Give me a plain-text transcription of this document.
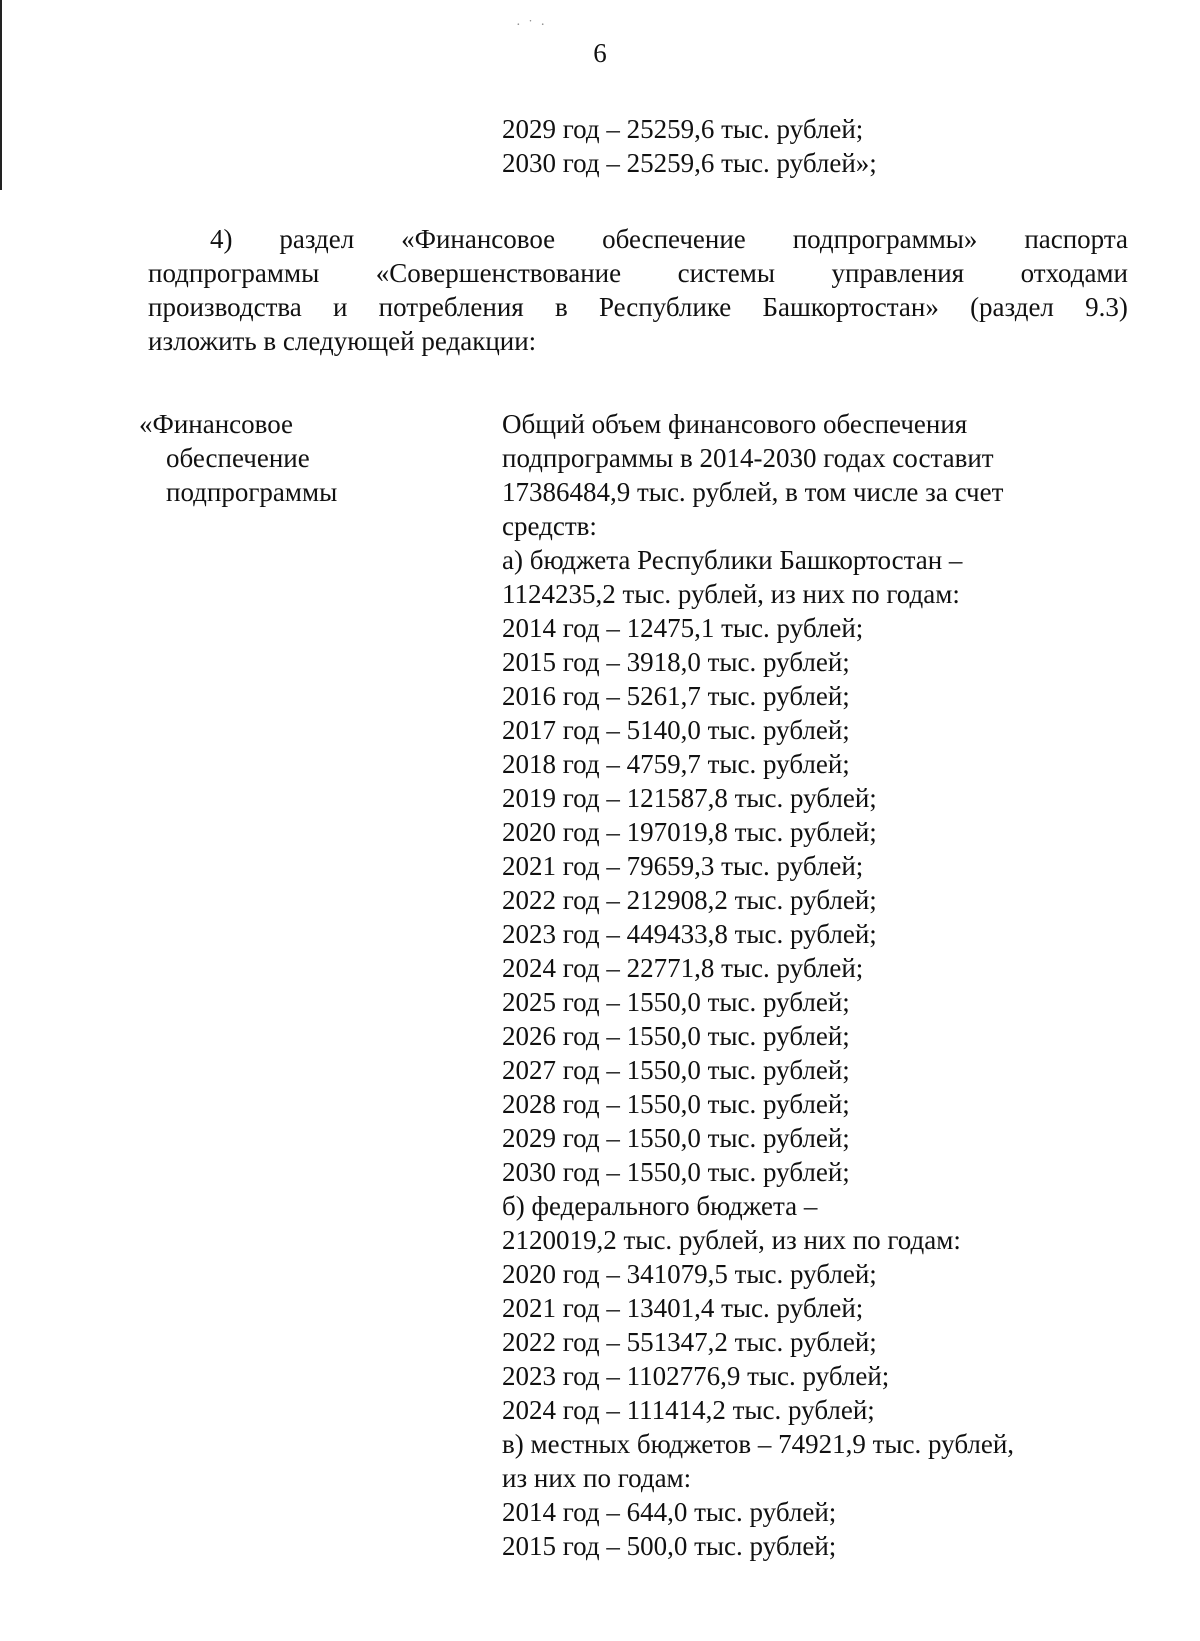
· ˙ ·
6
2029 год – 25259,6 тыс. рублей;
2030 год – 25259,6 тыс. рублей»;
4) раздел «Финансовое обеспечение подпрограммы» паспорта
подпрограммы «Совершенствование системы управления отходами
производства и потребления в Республике Башкортостан» (раздел 9.3)
изложить в следующей редакции:
«Финансовое
обеспечение
подпрограммы
Общий объем финансового обеспечения
подпрограммы в 2014-2030 годах составит
17386484,9 тыс. рублей, в том числе за счет
средств:
а) бюджета Республики Башкортостан –
1124235,2 тыс. рублей, из них по годам:
2014 год – 12475,1 тыс. рублей;
2015 год – 3918,0 тыс. рублей;
2016 год – 5261,7 тыс. рублей;
2017 год – 5140,0 тыс. рублей;
2018 год – 4759,7 тыс. рублей;
2019 год – 121587,8 тыс. рублей;
2020 год – 197019,8 тыс. рублей;
2021 год – 79659,3 тыс. рублей;
2022 год – 212908,2 тыс. рублей;
2023 год – 449433,8 тыс. рублей;
2024 год – 22771,8 тыс. рублей;
2025 год – 1550,0 тыс. рублей;
2026 год – 1550,0 тыс. рублей;
2027 год – 1550,0 тыс. рублей;
2028 год – 1550,0 тыс. рублей;
2029 год – 1550,0 тыс. рублей;
2030 год – 1550,0 тыс. рублей;
б) федерального бюджета –
2120019,2 тыс. рублей, из них по годам:
2020 год – 341079,5 тыс. рублей;
2021 год – 13401,4 тыс. рублей;
2022 год – 551347,2 тыс. рублей;
2023 год – 1102776,9 тыс. рублей;
2024 год – 111414,2 тыс. рублей;
в) местных бюджетов – 74921,9 тыс. рублей,
из них по годам:
2014 год – 644,0 тыс. рублей;
2015 год – 500,0 тыс. рублей;
